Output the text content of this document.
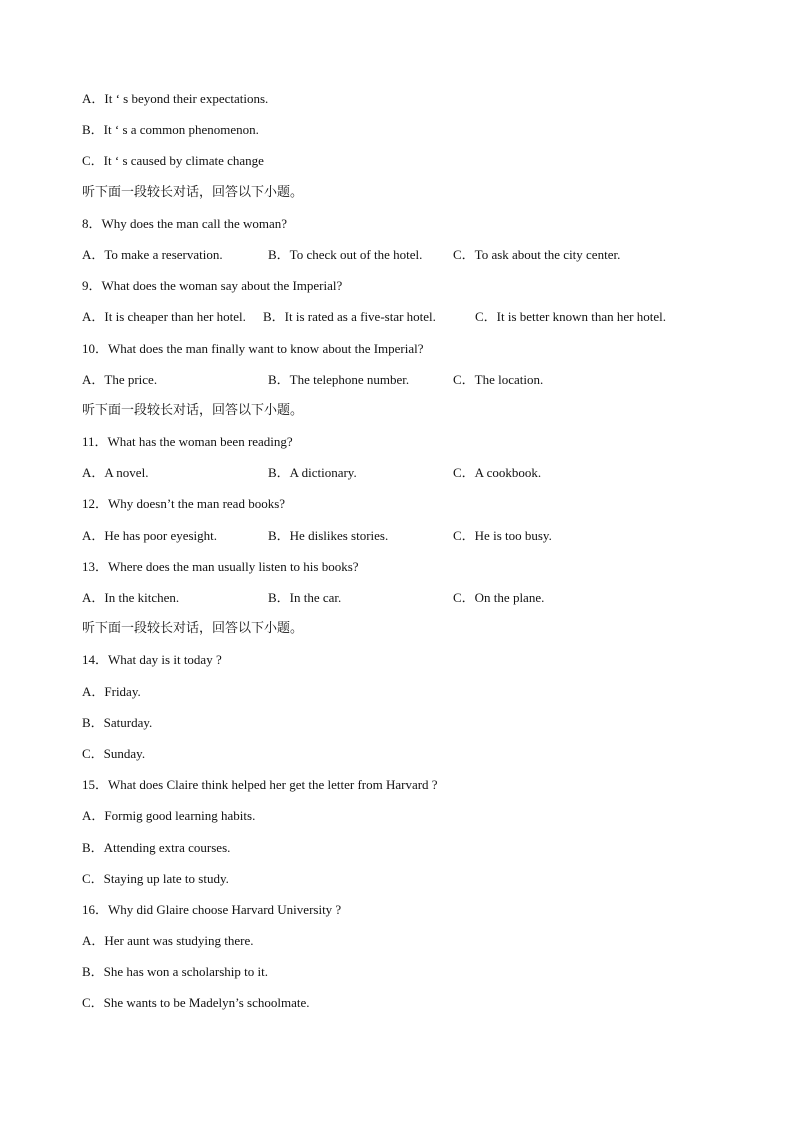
A．It ‘ s beyond their expectations.
B．It ‘ s a common phenomenon.
C．It ‘ s caused by climate change
听下面一段较长对话，回答以下小题。
8．Why does the man call the woman?
A．To make a reservation.	B．To check out of the hotel. C．To ask about the city center.
9．What does the woman say about the Imperial?
A．It is cheaper than her hotel. B．It is rated as a five-star hotel.	C．It is better known than her hotel.
10．What does the man finally want to know about the Imperial?
A．The price.	B．The telephone number.	C．The location.
听下面一段较长对话，回答以下小题。
11．What has the woman been reading?
A．A novel.	B．A dictionary.	C．A cookbook.
12．Why doesn’t the man read books?
A．He has poor eyesight.	B．He dislikes stories.	C．He is too busy.
13．Where does the man usually listen to his books?
A．In the kitchen.	B．In the car.	C．On the plane.
听下面一段较长对话，回答以下小题。
14．What day is it today ?
A．Friday.
B．Saturday.
C．Sunday.
15．What does Claire think helped her get the letter from Harvard ?
A．Formig good learning habits.
B．Attending extra courses.
C．Staying up late to study.
16．Why did Glaire choose Harvard University ?
A．Her aunt was studying there.
B．She has won a scholarship to it.
C．She wants to be Madelyn’s schoolmate.
